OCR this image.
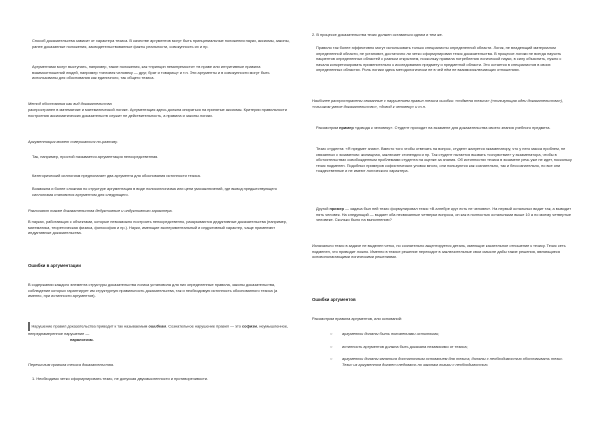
Способ доказательства зависит от характера тезиса. В качестве аргументов могут быть принципиальные положения науки, аксиомы, законы, ранее доказанные положения, засвидетельствованные факты реальности, совокупность их и пр.

Аргументами могут выступать, например, такие положения, как «принцип неминуемости» «в праве или интуитивные правила взаимоотношений людей, например «человек человеку — друг, брат и товарищ» и т.п. Эти аргументы и в совокупности могут быть использованы для обоснования как единичного, так общего тезиса.

Метод обоснования как вид доказательства

распространен в математике и математической логике. Аргументация здесь должна опираться на принятые аксиомы. Критерии правильности построения аксиоматических доказательств служит не действительность, а правила и законы логики.

Аргументация может совершаться по-разному.

Так, например, простой называется аргументация непосредственная.

Категорический силлогизм предполагает два аргумента для обоснования истинности тезиса.

Возможна и более сложная по структуре аргументация в виде полисиллогизма или цепи умозаключений, где вывод предшествующего силлогизма становится аргументом для следующего.

Различают также доказательства дедуктивные и индуктивного характера.

В науках, работающих с объектами, которые невозможно построить непосредственно, раскрываются дедуктивные доказательства (например, математика, теоретическая физика, философия и пр.). Науки, имеющие экспериментальный и индуктивный характер, чаще применяют индуктивные доказательства.

Ошибки в аргументации

В содержании каждого элемента структуры доказательства логика установила для них определенные правила, законы доказательства, соблюдение которых гарантирует им структурную правильность доказательства, так и необходимую истинность обоснованного тезиса (а именно, при истинности аргументов).

Нарушение правил доказательства приводит к так называемым ошибкам. Сознательное нарушение правил — это софизм, неумышленное, непреднамеренное нарушение —
паралогизм.

Перечислим правила тезиса доказательства.

1. Необходимо четко сформулировать тезис, не допуская двусмысленности и противоречивости.

2. В процессе доказательства тезис должен оставаться одним и тем же.

Правило так более эффективно могут использовать только специалисты определенной области. Логик, не владеющий материалом определенной области, не установит, достаточно ли четко сформулирован тезис доказательства. В процессе логики не всегда научить пациентов определенных областей с разным открытием, поскольку правила потребления логической науки, в силу объяснить, нужно с начала конкретизировать применительно к исследованию предмету и предметной области. Это остается в специалистов в своих определенных областях. Роль логики здесь методологически не в чей нём не взаимоисключающих отношениях.

Наиболее распространены связанные с нарушением правил тезиса ошибки: «подмена тезиса» («пользующая идеи доказательства»), «слишком умное доказательство», «довод к человеку» и т.п.

Рассмотрим пример «довода к человеку». Студент проходит на экзамене для доказательства своего знания учебного предмета.

Тезис студента: «Я предмет знаю». Вместо того чтобы отвечать на вопрос, студент жалуется экзаменатору, что у него масса проблем, не связанных с экзаменом: жилищная, заключает стипендия и пр. Так студент пытается вызвать «сочувствие» у экзаменатора, чтобы в обстоятельствах освобожденным проблемами студента на оценке за знания. Об истинностях тезиса в экзамене речь уже не идет, поскольку тезис подменен. Подобных примеров софистических уловок много, они пользуются как сознательно, так и бессознательно, но все они тождественные и не имеют логического характера.

Другой пример — задача был ней тезис формулировал тезис «В алгебре круг есть не человек». На первый остальных видит так, а выводит пять человек. На следующий — выдает оба несвязанные четверки вопроса, он как в полностью остальными выше 10 а по моему четвертые человеке. Сколько было на выполнению?

Изначально тезис в задаче не выделен четко, но сознательно акцентируется деталь, имеющие касательное отношение к тезису. Тезис сеть подменен, что приводит ложно. Именно в тезисе решение переходит в заключительные свои смысле дабы такие решения, являющиеся основополагающими логическими решениями.

Ошибки аргументов

Рассмотрим правила аргументов, или оснований:

○ аргументы должны быть положениями истинными;

○ истинность аргументов должна быть доказана независимо от тезиса;

○ аргументы должны являться достаточным основанием для тезиса, должны с необходимостью обосновывать тезис. Тезис из аргументов должен следовать по законам логики с необходимостью.
